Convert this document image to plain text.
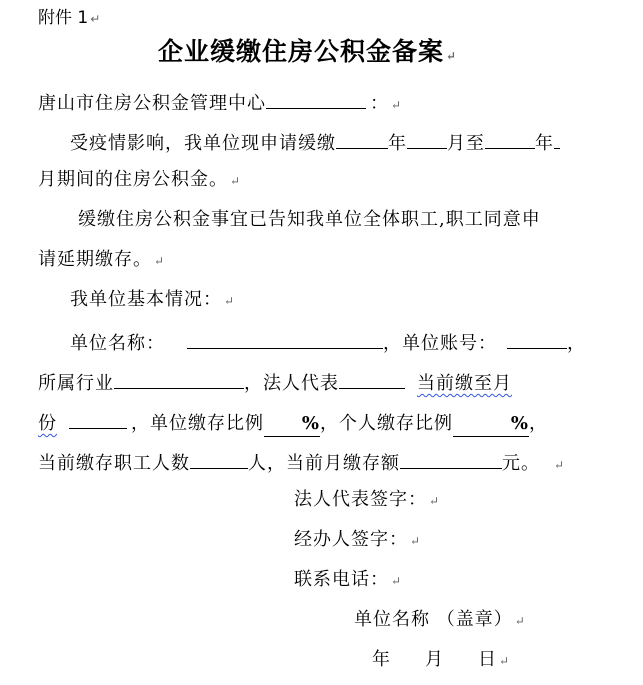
附件 1 ↵
企业缓缴住房公积金备案 ↵
唐山市住房公积金管理中心	： ↵
受疫情影响，我单位现申请缓缴	年 月至	年
月期间的住房公积金。 ↵
缓缴住房公积金事宜已告知我单位全体职工,职工同意申
请延期缴存。 ↵
我单位基本情况： ↵
单位名称：	，单位账号：	，
所属行业	，法人代表	当前缴至月
份	，单位缴存比例 %，个人缴存比例	%，
当前缴存职工人数	人，当前月缴存额	元。 ↵
法人代表签字： ↵
经办人签字： ↵
联系电话： ↵
单位名称 （盖章） ↵
年 月 日 ↵
